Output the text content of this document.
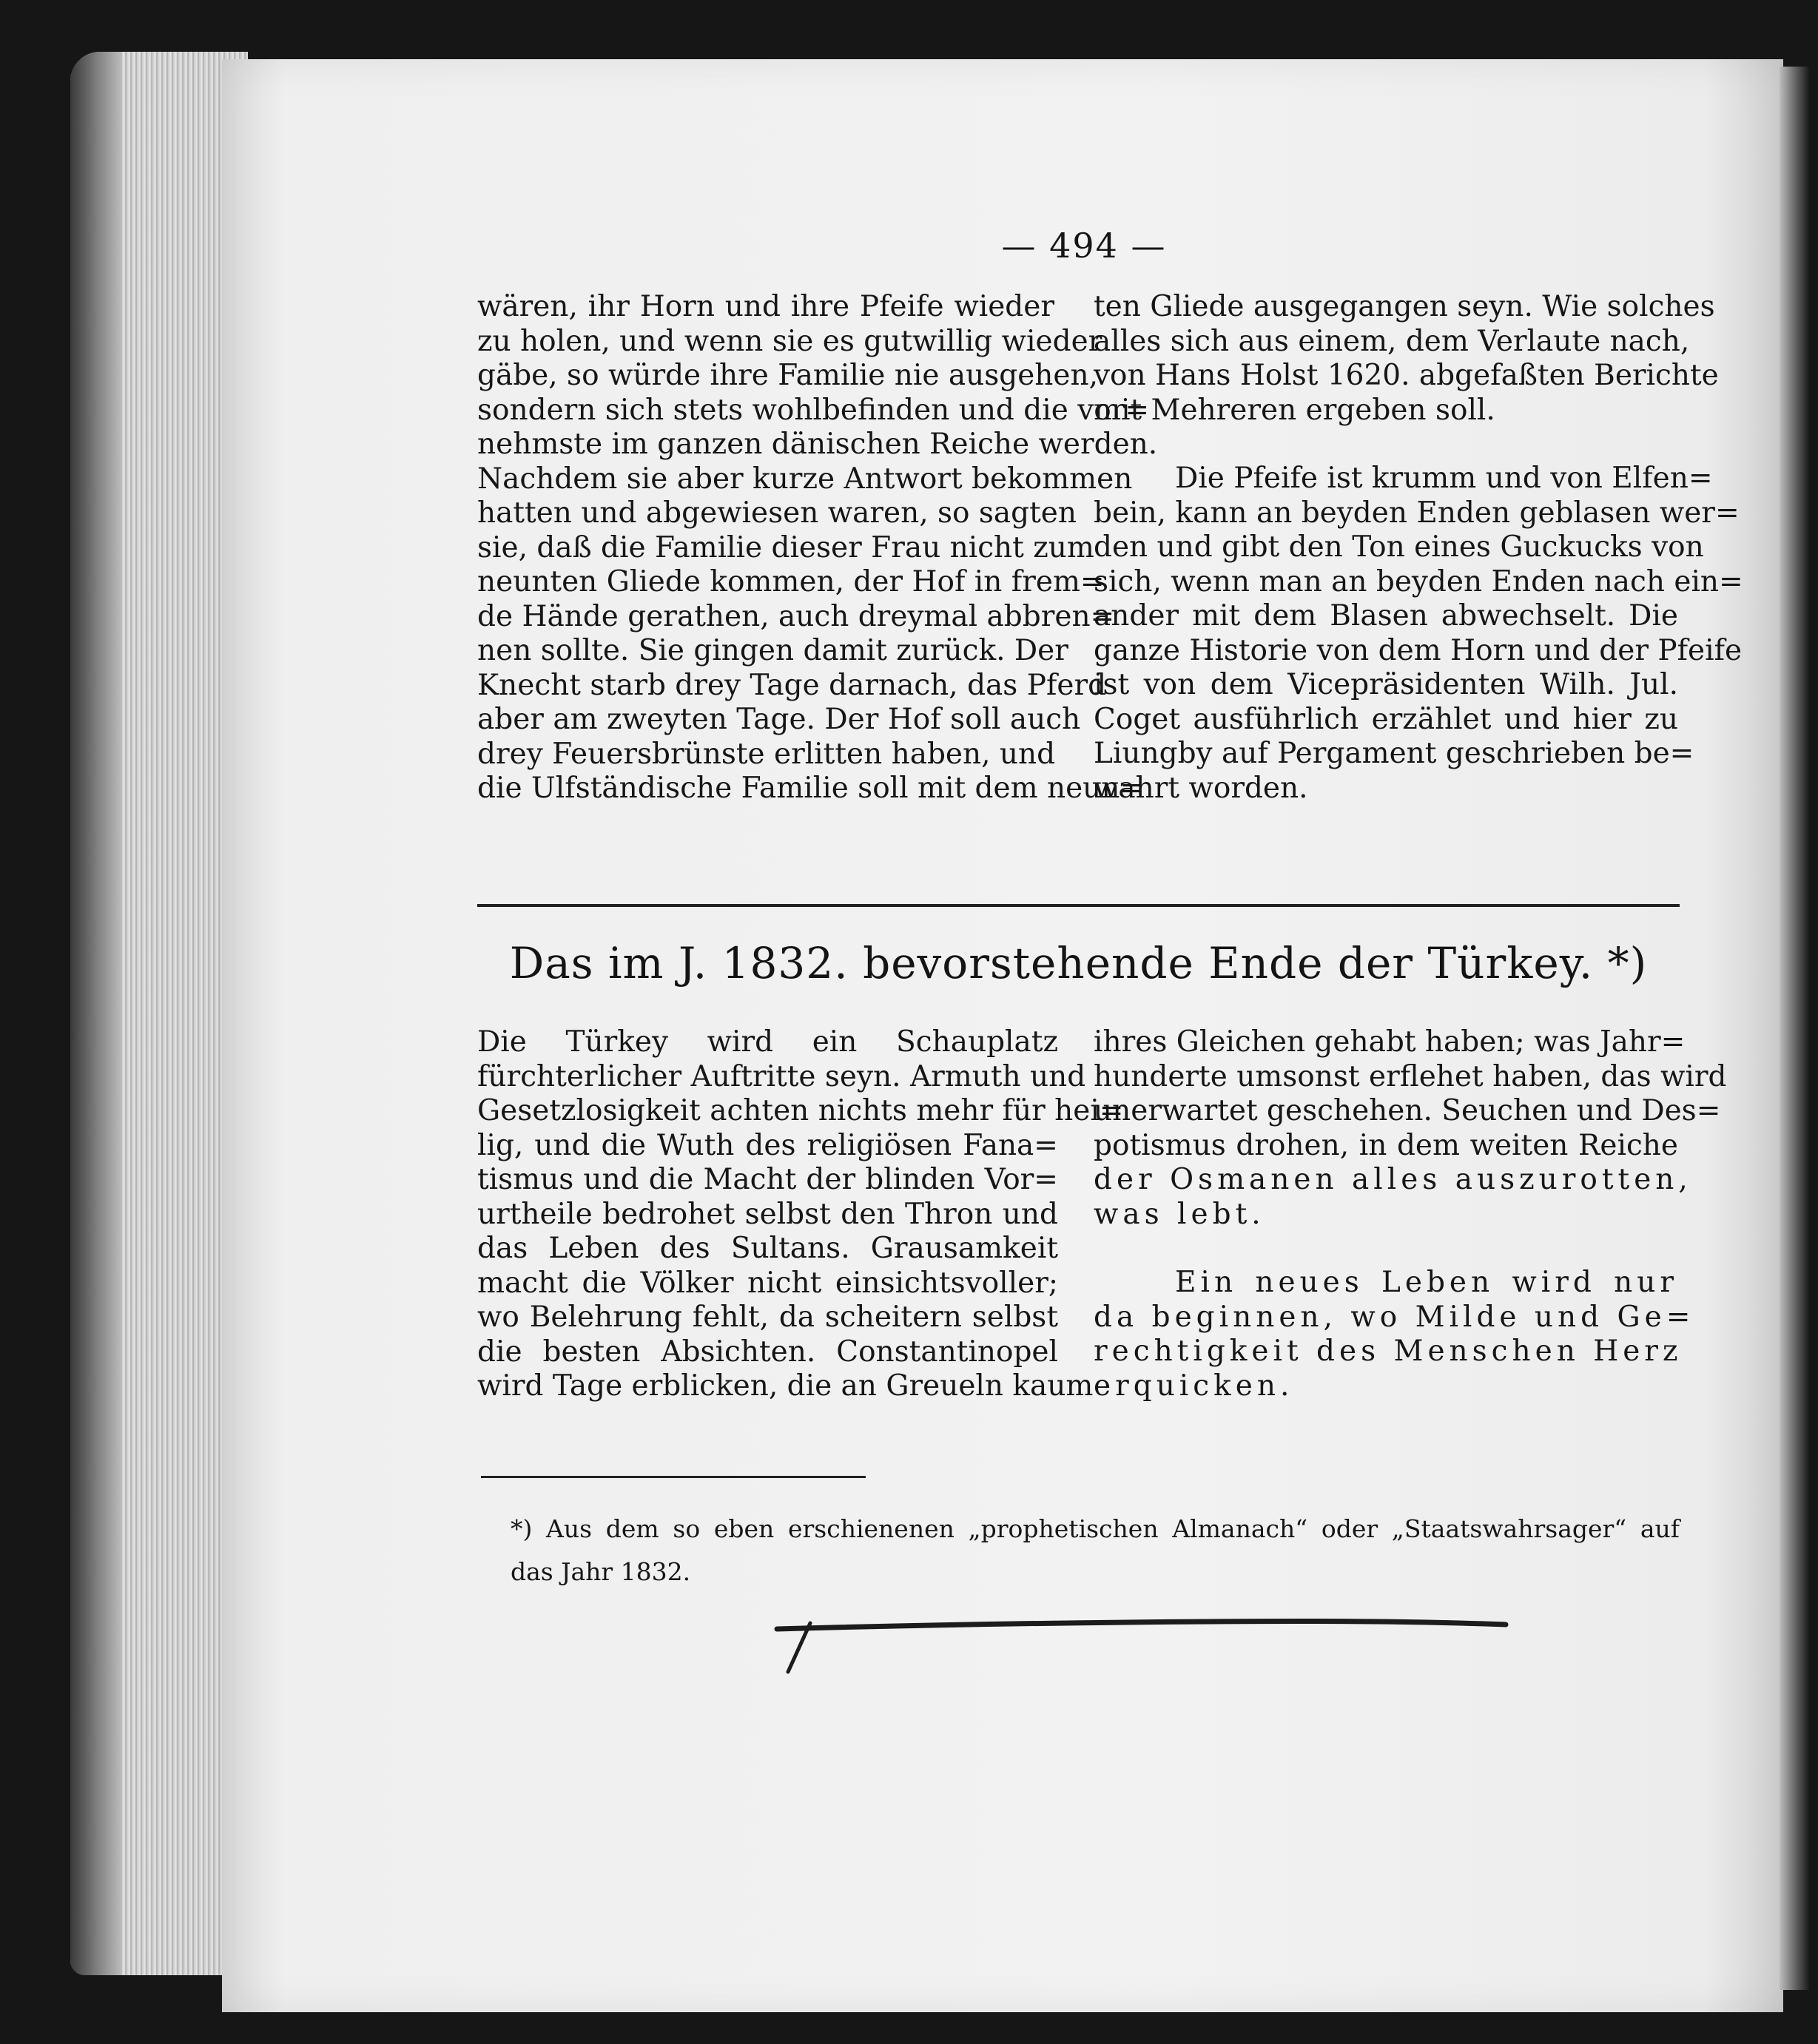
— 494 —
wären, ihr Horn und ihre Pfeife wieder
zu holen, und wenn sie es gutwillig wieder
gäbe, so würde ihre Familie nie ausgehen,
sondern sich stets wohlbefinden und die vor=
nehmste im ganzen dänischen Reiche werden.
Nachdem sie aber kurze Antwort bekommen
hatten und abgewiesen waren, so sagten
sie, daß die Familie dieser Frau nicht zum
neunten Gliede kommen, der Hof in frem=
de Hände gerathen, auch dreymal abbren=
nen sollte. Sie gingen damit zurück. Der
Knecht starb drey Tage darnach, das Pferd
aber am zweyten Tage. Der Hof soll auch
drey Feuersbrünste erlitten haben, und
die Ulfständische Familie soll mit dem neun=
ten Gliede ausgegangen seyn. Wie solches
alles sich aus einem, dem Verlaute nach,
von Hans Holst 1620. abgefaßten Berichte
mit Mehreren ergeben soll.
Die Pfeife ist krumm und von Elfen=
bein, kann an beyden Enden geblasen wer=
den und gibt den Ton eines Guckucks von
sich, wenn man an beyden Enden nach ein=
ander mit dem Blasen abwechselt. Die
ganze Historie von dem Horn und der Pfeife
ist von dem Vicepräsidenten Wilh. Jul.
Coget ausführlich erzählet und hier zu
Liungby auf Pergament geschrieben be=
wahrt worden.
Das im J. 1832. bevorstehende Ende der Türkey. *)
Die Türkey wird ein Schauplatz
fürchterlicher Auftritte seyn. Armuth und
Gesetzlosigkeit achten nichts mehr für hei=
lig, und die Wuth des religiösen Fana=
tismus und die Macht der blinden Vor=
urtheile bedrohet selbst den Thron und
das Leben des Sultans. Grausamkeit
macht die Völker nicht einsichtsvoller;
wo Belehrung fehlt, da scheitern selbst
die besten Absichten. Constantinopel
wird Tage erblicken, die an Greueln kaum
ihres Gleichen gehabt haben; was Jahr=
hunderte umsonst erflehet haben, das wird
unerwartet geschehen. Seuchen und Des=
potismus drohen, in dem weiten Reiche
der Osmanen alles auszurotten,
was lebt.
Ein neues Leben wird nur
da beginnen, wo Milde und Ge=
rechtigkeit des Menschen Herz
erquicken.
*) Aus dem so eben erschienenen „prophetischen Almanach“ oder „Staatswahrsager“ auf
das Jahr 1832.
